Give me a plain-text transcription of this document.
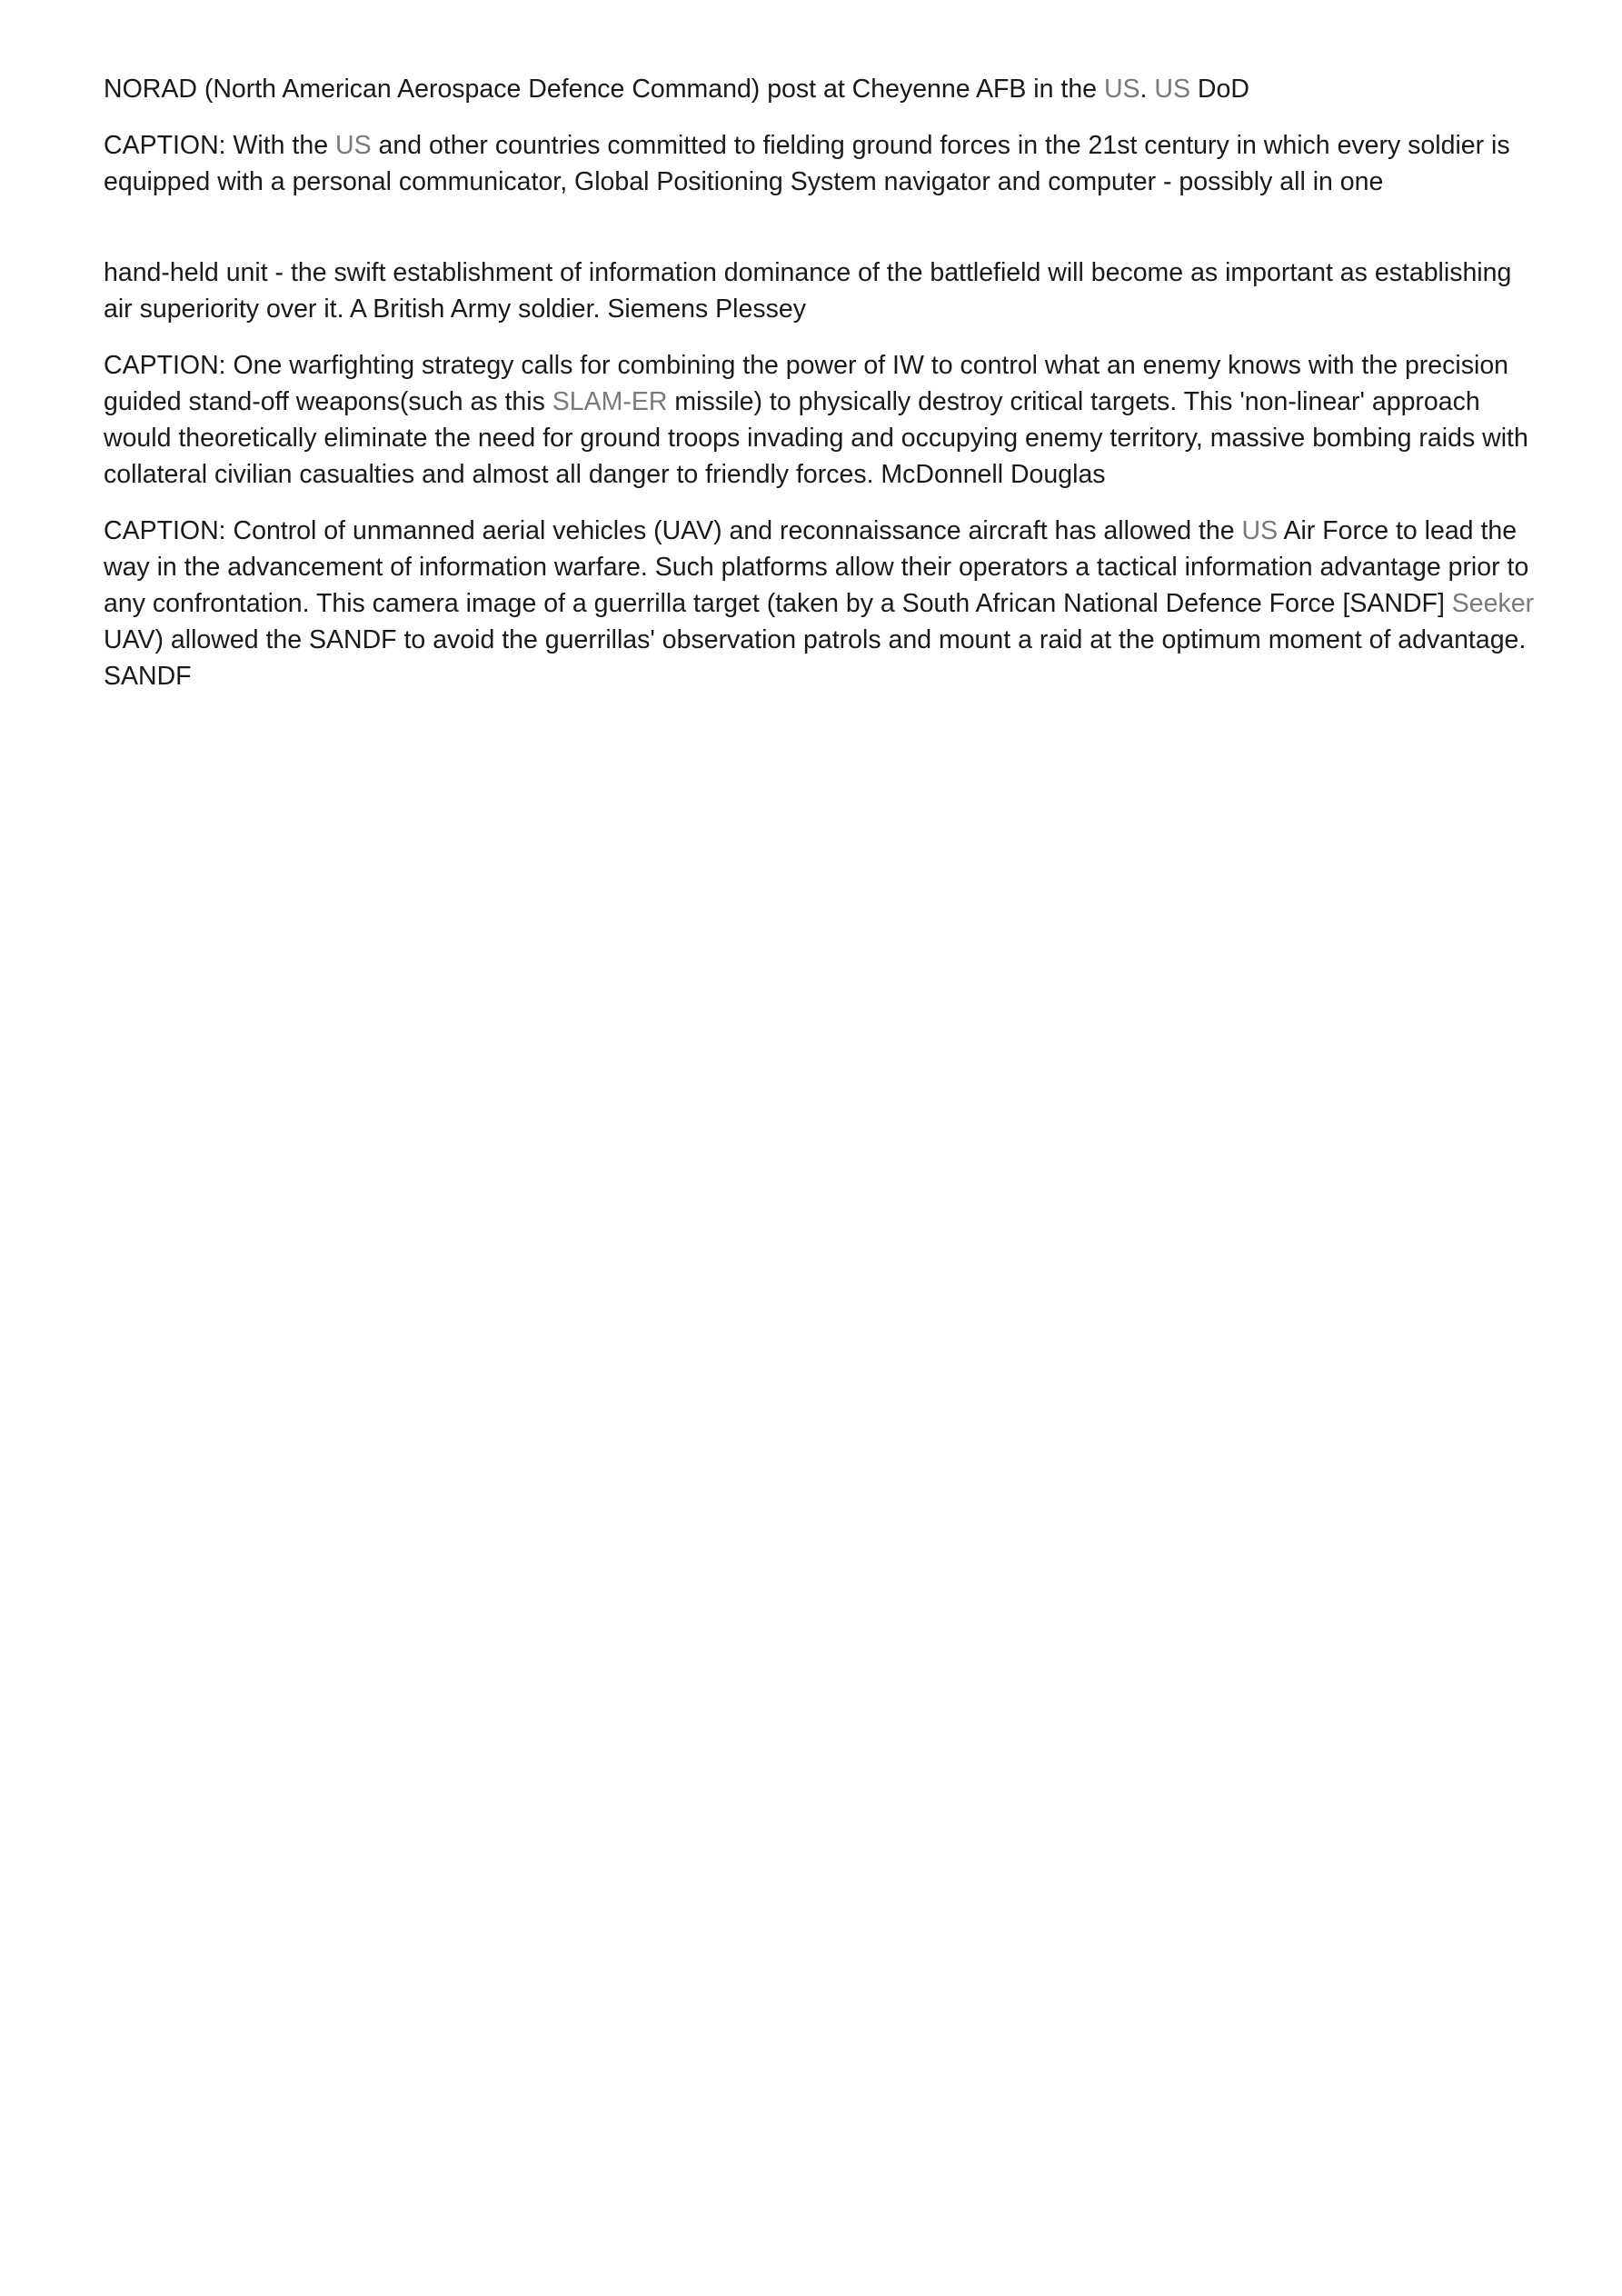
NORAD (North American Aerospace Defence Command) post at Cheyenne AFB in the US. US DoD

CAPTION: With the US and other countries committed to fielding ground forces in the 21st century in which every soldier is equipped with a personal communicator, Global Positioning System navigator and computer - possibly all in one

hand-held unit - the swift establishment of information dominance of the battlefield will become as important as establishing air superiority over it. A British Army soldier. Siemens Plessey

CAPTION: One warfighting strategy calls for combining the power of IW to control what an enemy knows with the precision guided stand-off weapons(such as this SLAM-ER missile) to physically destroy critical targets. This 'non-linear' approach would theoretically eliminate the need for ground troops invading and occupying enemy territory, massive bombing raids with collateral civilian casualties and almost all danger to friendly forces. McDonnell Douglas

CAPTION: Control of unmanned aerial vehicles (UAV) and reconnaissance aircraft has allowed the US Air Force to lead the way in the advancement of information warfare. Such platforms allow their operators a tactical information advantage prior to any confrontation. This camera image of a guerrilla target (taken by a South African National Defence Force [SANDF] Seeker UAV) allowed the SANDF to avoid the guerrillas' observation patrols and mount a raid at the optimum moment of advantage. SANDF
